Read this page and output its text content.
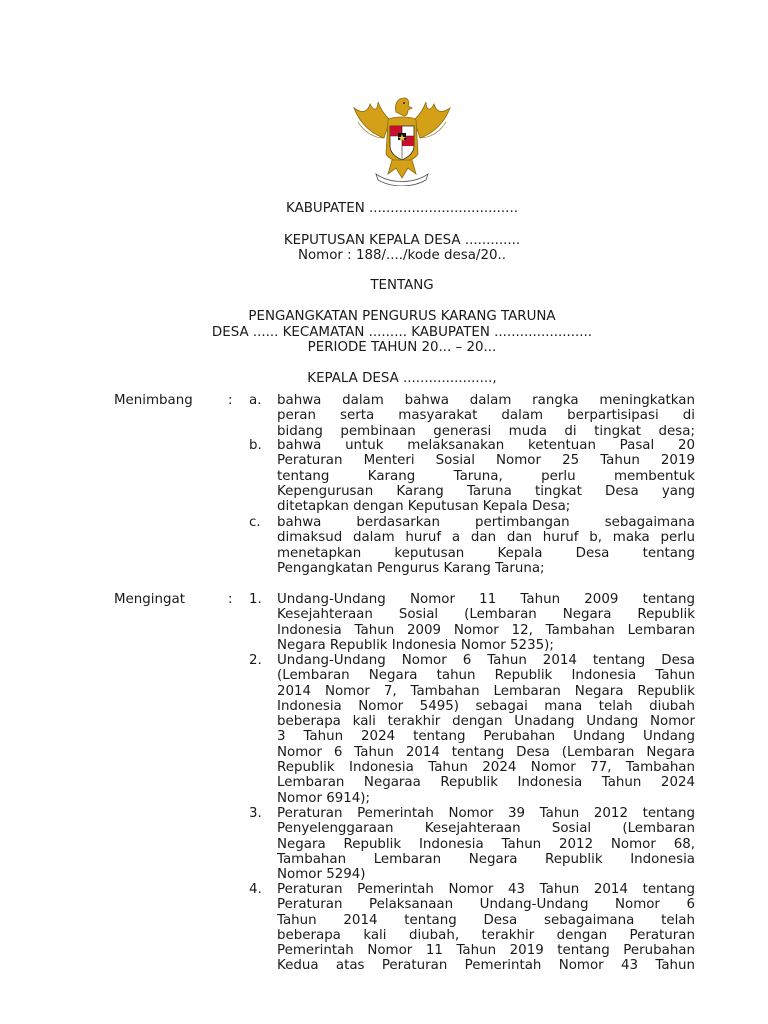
KABUPATEN ...................................
KEPUTUSAN KEPALA DESA .............
Nomor : 188/..../kode desa/20..
TENTANG
PENGANGKATAN PENGURUS KARANG TARUNA
DESA ...... KECAMATAN ......... KABUPATEN .......................
PERIODE TAHUN 20... – 20...
KEPALA DESA .....................,
Menimbang	: a. bahwa dalam bahwa dalam rangka meningkatkan
peran serta masyarakat dalam berpartisipasi di
bidang pembinaan generasi muda di tingkat desa;
b. bahwa untuk melaksanakan ketentuan Pasal 20
Peraturan Menteri Sosial Nomor 25 Tahun 2019
tentang Karang Taruna, perlu membentuk
Kepengurusan Karang Taruna tingkat Desa yang
ditetapkan dengan Keputusan Kepala Desa;
c. bahwa berdasarkan pertimbangan sebagaimana
dimaksud dalam huruf a dan dan huruf b, maka perlu
menetapkan keputusan Kepala Desa tentang
Pengangkatan Pengurus Karang Taruna;
Mengingat	: 1. Undang-Undang Nomor 11 Tahun 2009 tentang
Kesejahteraan Sosial (Lembaran Negara Republik
Indonesia Tahun 2009 Nomor 12, Tambahan Lembaran
Negara Republik Indonesia Nomor 5235);
2. Undang-Undang Nomor 6 Tahun 2014 tentang Desa
(Lembaran Negara tahun Republik Indonesia Tahun
2014 Nomor 7, Tambahan Lembaran Negara Republik
Indonesia Nomor 5495) sebagai mana telah diubah
beberapa kali terakhir dengan Unadang Undang Nomor
3 Tahun 2024 tentang Perubahan Undang Undang
Nomor 6 Tahun 2014 tentang Desa (Lembaran Negara
Republik Indonesia Tahun 2024 Nomor 77, Tambahan
Lembaran Negaraa Republik Indonesia Tahun 2024
Nomor 6914);
3. Peraturan Pemerintah Nomor 39 Tahun 2012 tentang
Penyelenggaraan Kesejahteraan Sosial (Lembaran
Negara Republik Indonesia Tahun 2012 Nomor 68,
Tambahan Lembaran Negara Republik Indonesia
Nomor 5294)
4. Peraturan Pemerintah Nomor 43 Tahun 2014 tentang
Peraturan Pelaksanaan Undang-Undang Nomor 6
Tahun 2014 tentang Desa sebagaimana telah
beberapa kali diubah, terakhir dengan Peraturan
Pemerintah Nomor 11 Tahun 2019 tentang Perubahan
Kedua atas Peraturan Pemerintah Nomor 43 Tahun
